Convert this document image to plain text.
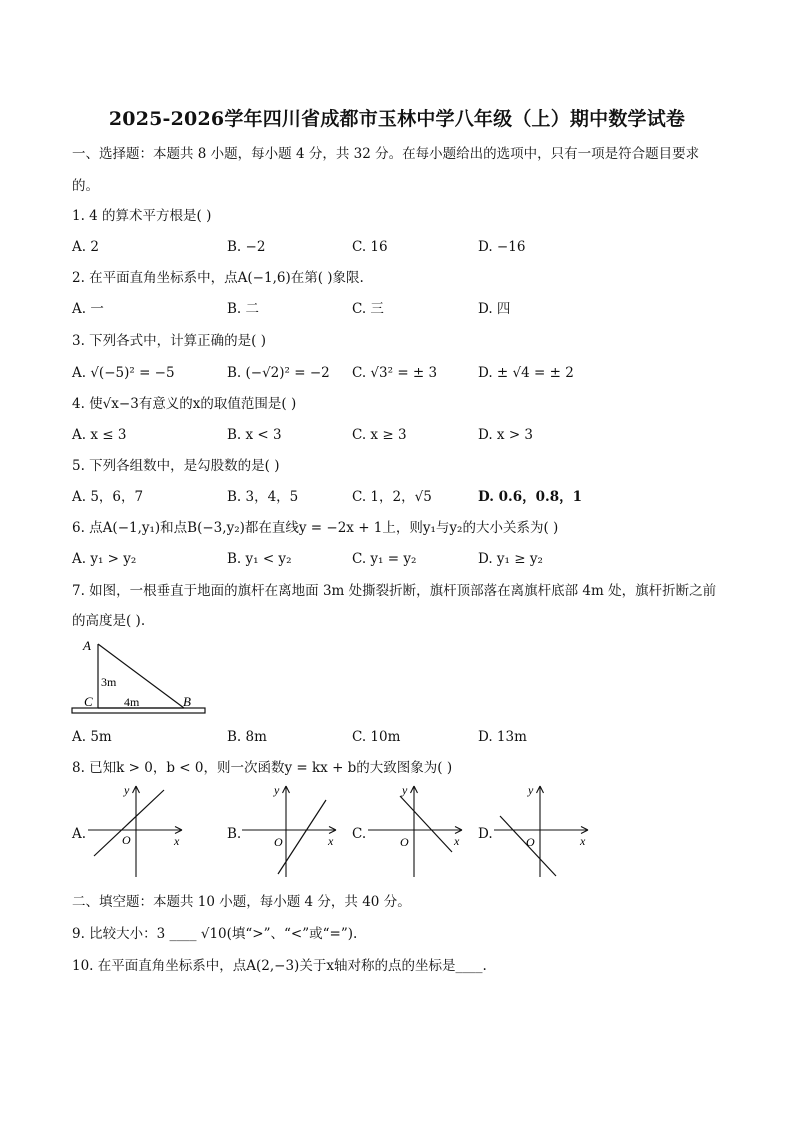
2025-2026学年四川省成都市玉林中学八年级（上）期中数学试卷
一、选择题：本题共 8 小题，每小题 4 分，共 32 分。在每小题给出的选项中，只有一项是符合题目要求
的。
1. 4 的算术平方根是( )
A. 2	B. −2	C. 16	D. −16
2. 在平面直角坐标系中，点A(−1,6)在第( )象限.
A. 一	B. 二	C. 三	D. 四
3. 下列各式中，计算正确的是( )
A. √(−5)² = −5	B. (−√2)² = −2 C. √3² = ± 3	D. ± √4 = ± 2
4. 使√x−3有意义的x的取值范围是( )
A. x ≤ 3	B. x < 3	C. x ≥ 3	D. x > 3
5. 下列各组数中，是勾股数的是( )
A. 5，6，7	B. 3，4，5	C. 1，2，√5	D. 0.6，0.8，1
6. 点A(−1,y₁)和点B(−3,y₂)都在直线y = −2x + 1上，则y₁与y₂的大小关系为( )
A. y₁ > y₂	B. y₁ < y₂	C. y₁ = y₂	D. y₁ ≥ y₂
7. 如图，一根垂直于地面的旗杆在离地面 3m 处撕裂折断，旗杆顶部落在离旗杆底部 4m 处，旗杆折断之前
的高度是( ).
A
C	B
3m
4m
A. 5m	B. 8m	C. 10m	D. 13m
8. 已知k > 0，b < 0，则一次函数y = kx + b的大致图象为( )
A.
y
x
O	B.
y
x
O	C.
y
x
O	D.
y
x
O
二、填空题：本题共 10 小题，每小题 4 分，共 40 分。
9. 比较大小：3 ____ √10(填“>”、“<”或“=”).
10. 在平面直角坐标系中，点A(2,−3)关于x轴对称的点的坐标是____.
